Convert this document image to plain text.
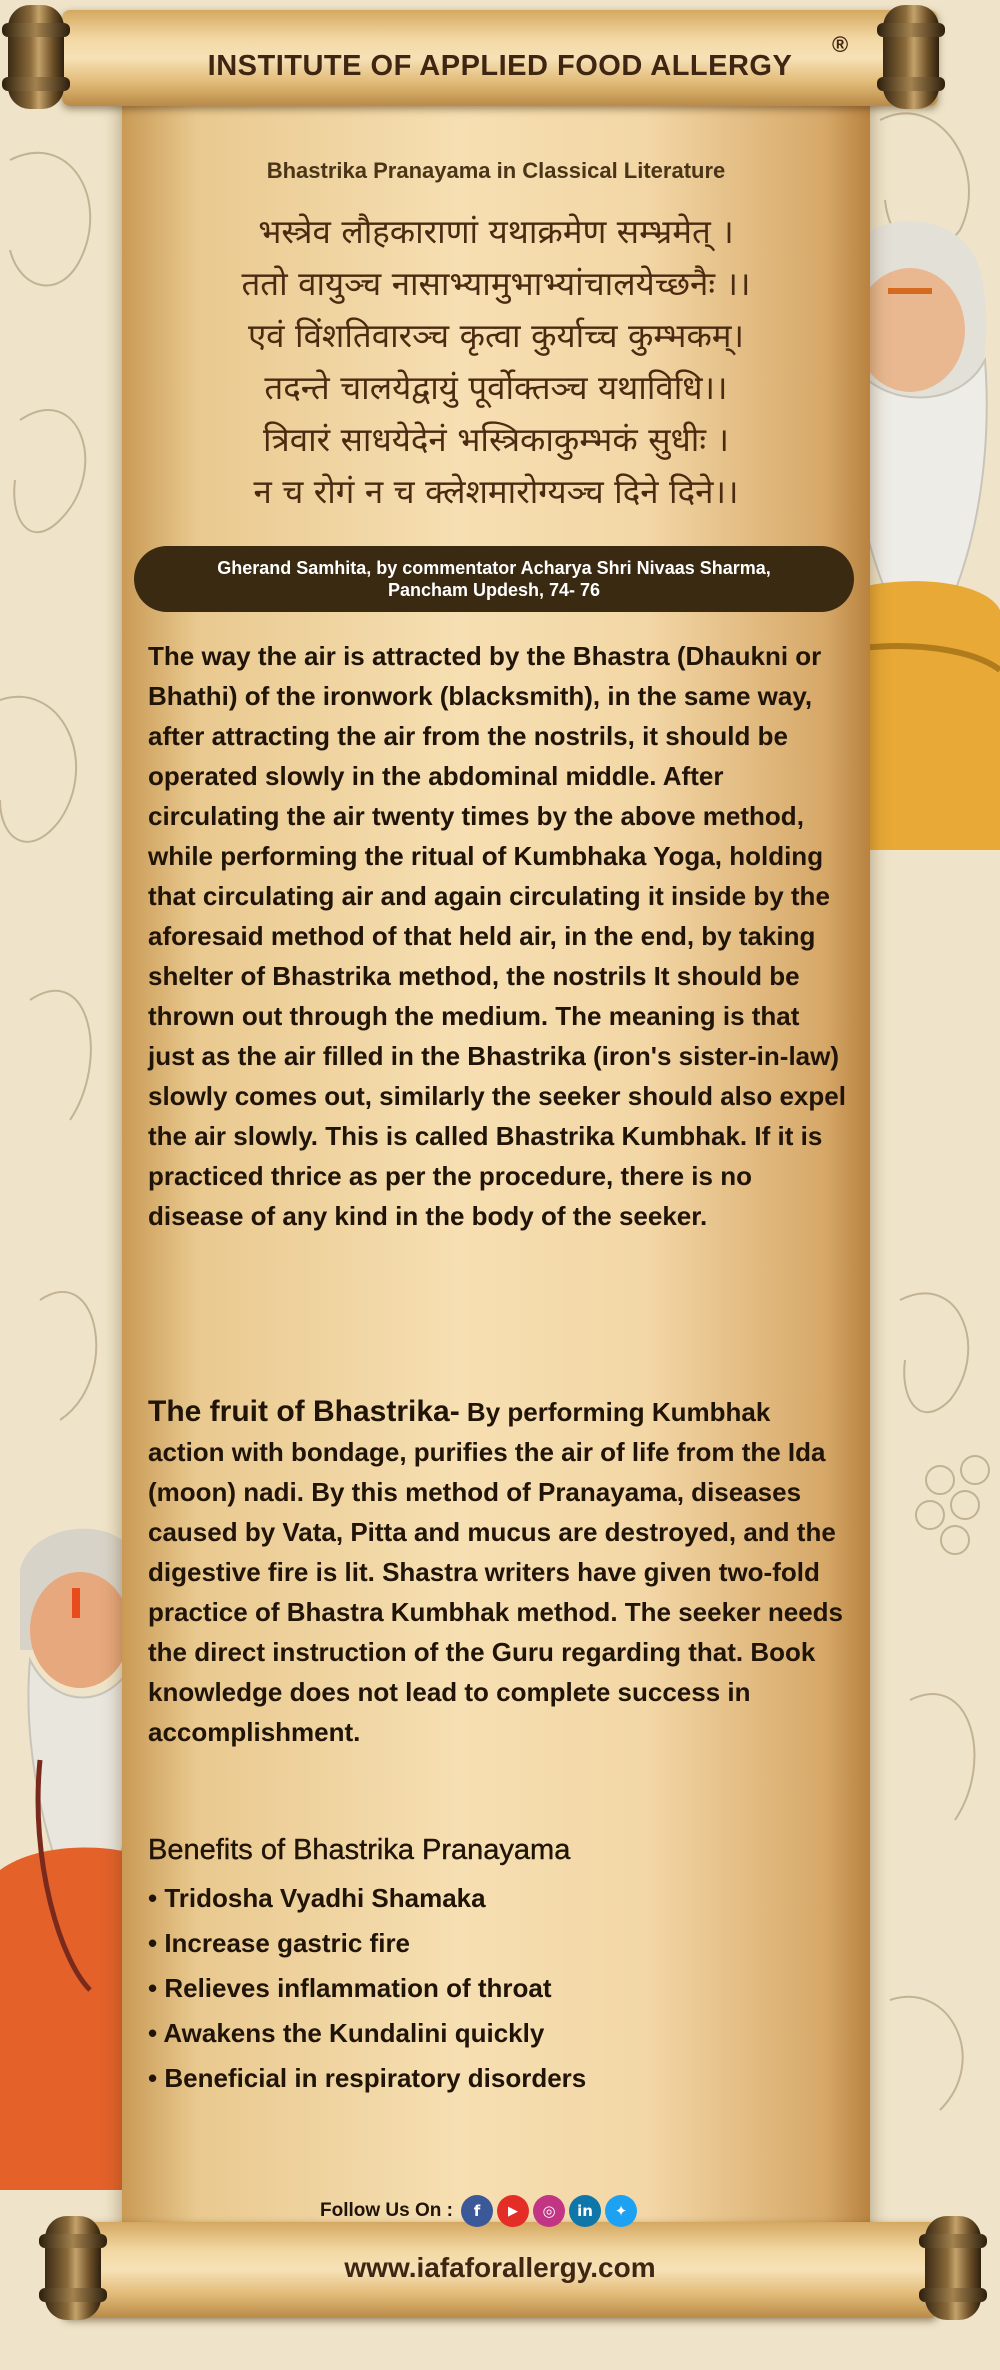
INSTITUTE OF APPLIED FOOD ALLERGY
®
Bhastrika Pranayama in Classical Literature
भस्त्रेव लौहकाराणां यथाक्रमेण सम्भ्रमेत् ।
ततो वायुञ्च नासाभ्यामुभाभ्यांचालयेच्छनैः ।।
एवं विंशतिवारञ्च कृत्वा कुर्याच्च कुम्भकम्।
तदन्ते चालयेद्वायुं पूर्वोक्तञ्च यथाविधि।।
त्रिवारं साधयेदेनं भस्त्रिकाकुम्भकं सुधीः ।
न च रोगं न च क्लेशमारोग्यञ्च दिने दिने।।
Gherand Samhita, by commentator Acharya Shri Nivaas Sharma,
Pancham Updesh, 74- 76

The way the air is attracted by the Bhastra (Dhaukni or Bhathi) of the ironwork (blacksmith), in the same way, after attracting the air from the nostrils, it should be operated slowly in the abdominal middle. After circulating the air twenty times by the above method, while performing the ritual of Kumbhaka Yoga, holding that circulating air and again circulating it inside by the aforesaid method of that held air, in the end, by taking shelter of Bhastrika method, the nostrils It should be thrown out through the medium. The meaning is that just as the air filled in the Bhastrika (iron's sister-in-law) slowly comes out, similarly the seeker should also expel the air slowly. This is called Bhastrika Kumbhak. If it is practiced thrice as per the procedure, there is no disease of any kind in the body of the seeker.

The fruit of Bhastrika- By performing Kumbhak action with bondage, purifies the air of life from the Ida (moon) nadi. By this method of Pranayama, diseases caused by Vata, Pitta and mucus are destroyed, and the digestive fire is lit. Shastra writers have given two-fold practice of Bhastra Kumbhak method. The seeker needs the direct instruction of the Guru regarding that. Book knowledge does not lead to complete success in accomplishment.

Benefits of Bhastrika Pranayama
• Tridosha Vyadhi Shamaka
• Increase gastric fire
• Relieves inflammation of throat
• Awakens the Kundalini quickly
• Beneficial in respiratory disorders
Follow Us On :	f	▶	◎	in	✦
www.iafaforallergy.com
